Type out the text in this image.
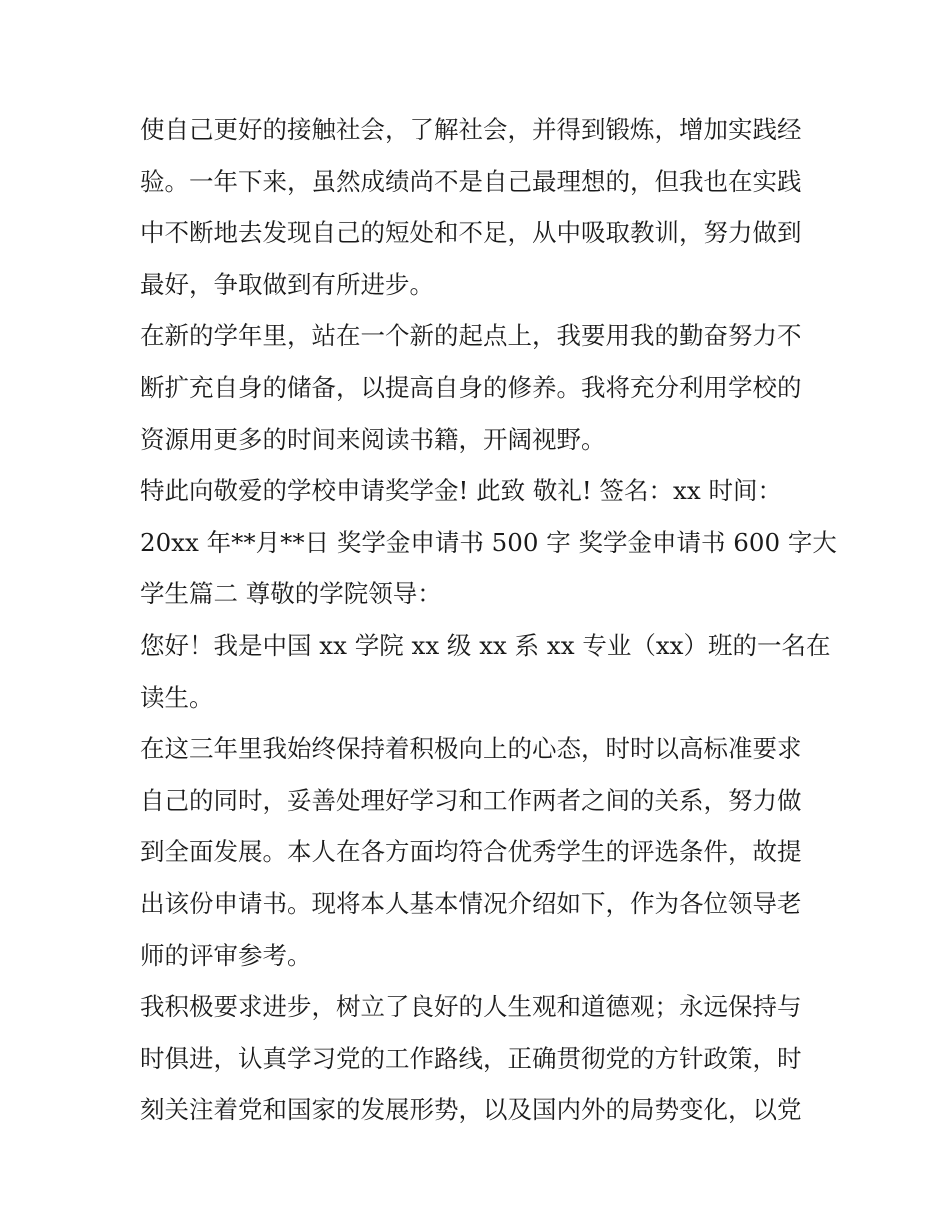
使自己更好的接触社会，了解社会，并得到锻炼，增加实践经
验。一年下来，虽然成绩尚不是自己最理想的，但我也在实践
中不断地去发现自己的短处和不足，从中吸取教训，努力做到
最好，争取做到有所进步。

在新的学年里，站在一个新的起点上，我要用我的勤奋努力不
断扩充自身的储备，以提高自身的修养。我将充分利用学校的
资源用更多的时间来阅读书籍，开阔视野。

特此向敬爱的学校申请奖学金! 此致 敬礼! 签名：xx 时间：
20xx 年**月**日 奖学金申请书 500 字 奖学金申请书 600 字大
学生篇二 尊敬的学院领导：

您好！我是中国 xx 学院 xx 级 xx 系 xx 专业（xx）班的一名在
读生。

在这三年里我始终保持着积极向上的心态，时时以高标准要求
自己的同时，妥善处理好学习和工作两者之间的关系，努力做
到全面发展。本人在各方面均符合优秀学生的评选条件，故提
出该份申请书。现将本人基本情况介绍如下，作为各位领导老
师的评审参考。

我积极要求进步，树立了良好的人生观和道德观；永远保持与
时俱进，认真学习党的工作路线，正确贯彻党的方针政策，时
刻关注着党和国家的发展形势，以及国内外的局势变化，以党
